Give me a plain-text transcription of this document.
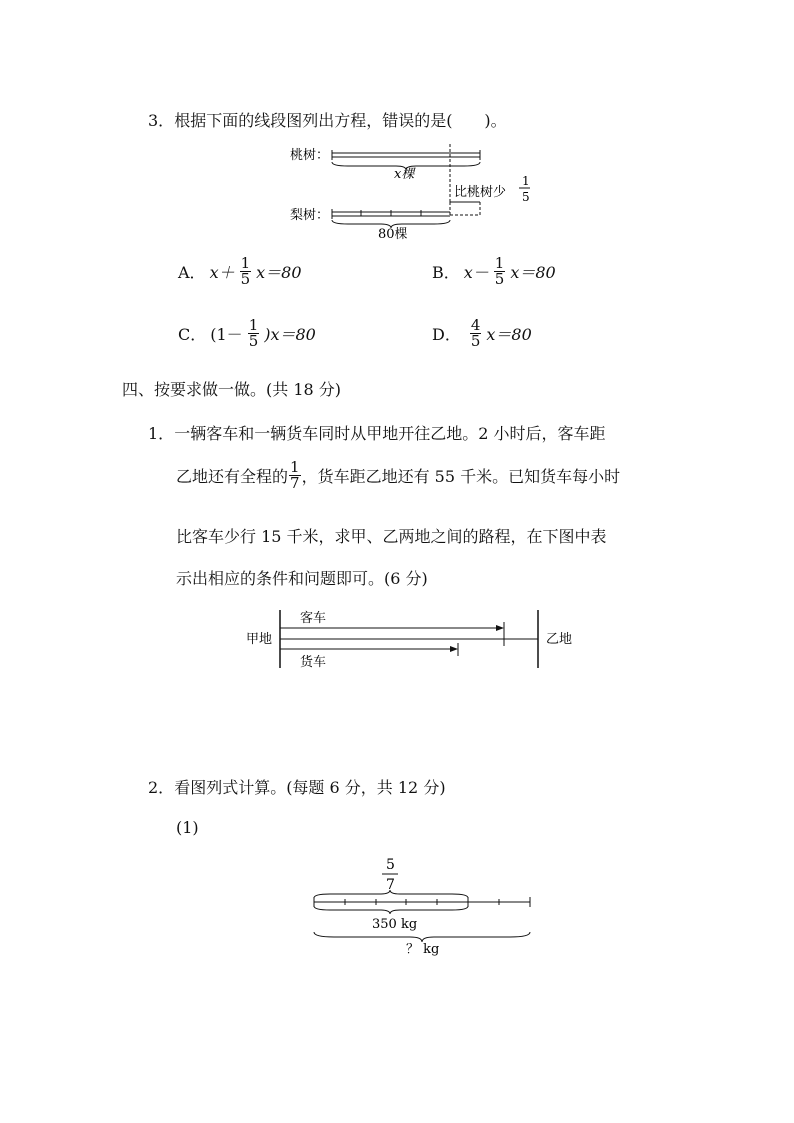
3．根据下面的线段图列出方程，错误的是(　　)。
桃树：
x棵
比桃树少
1
5
梨树：
80棵
A． $x+ \frac{1}{5} x=80$	B． $x- \frac{1}{5} x=80$
C． $(1- \frac{1}{5} )x=80$	D． $\frac{4}{5} x=80$
四、按要求做一做。(共 18 分)
1．一辆客车和一辆货车同时从甲地开往乙地。2 小时后，客车距
乙地还有全程的 $\frac{1}{7}$ ，货车距乙地还有 55 千米。已知货车每小时
比客车少行 15 千米，求甲、乙两地之间的路程，在下图中表
示出相应的条件和问题即可。(6 分)
甲地	乙地
客车
货车
2．看图列式计算。(每题 6 分，共 12 分)
(1)
5
7
350 kg
？ kg
